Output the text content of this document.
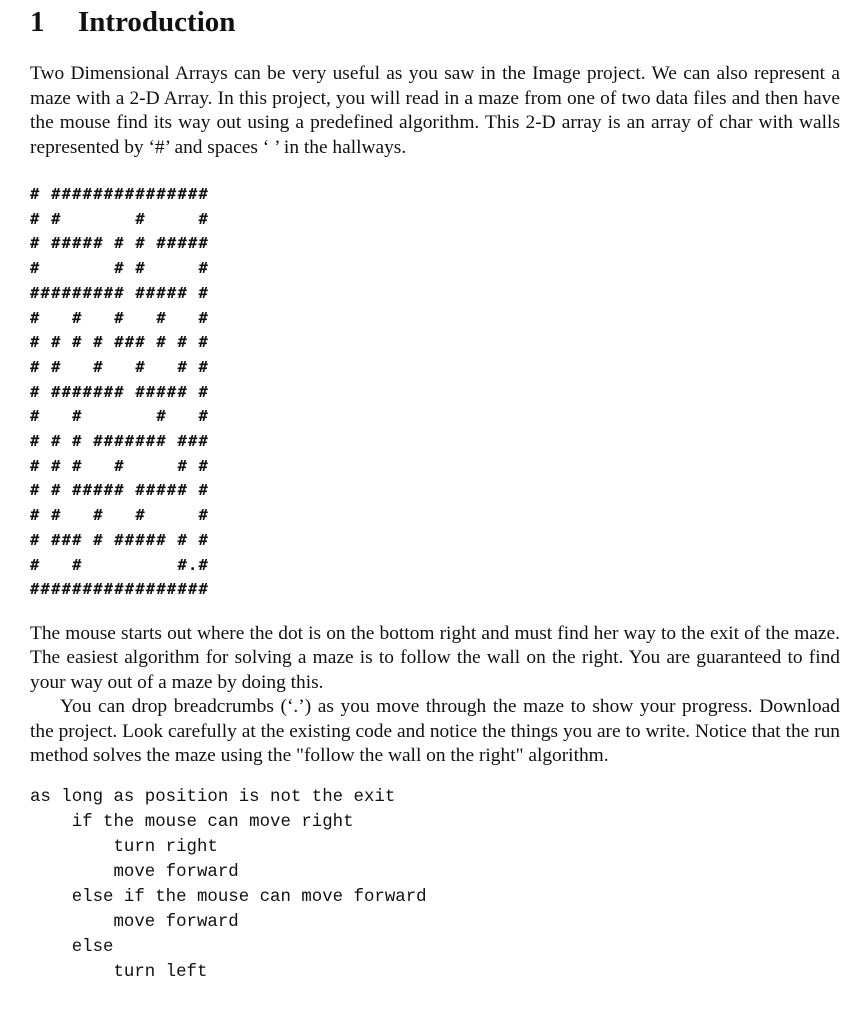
1 Introduction

Two Dimensional Arrays can be very useful as you saw in the Image project. We can also represent a maze with a 2-D Array. In this project, you will read in a maze from one of two data files and then have the mouse find its way out using a predefined algorithm. This 2-D array is an array of char with walls represented by ‘#’ and spaces ‘ ’ in the hallways.

# ###############
# #       #     #
# ##### # # #####
#       # #     #
######### ##### #
#   #   #   #   #
# # # # ### # # #
# #   #   #   # #
# ####### ##### #
#   #       #   #
# # # ####### ###
# # #   #     # #
# # ##### ##### #
# #   #   #     #
# ### # ##### # #
#   #         #.#
#################

The mouse starts out where the dot is on the bottom right and must find her way to the exit of the maze. The easiest algorithm for solving a maze is to follow the wall on the right. You are guaranteed to find your way out of a maze by doing this.

You can drop breadcrumbs (‘.’) as you move through the maze to show your progress. Download the project. Look carefully at the existing code and notice the things you are to write. Notice that the run method solves the maze using the "follow the wall on the right" algorithm.

as long as position is not the exit
if the mouse can move right
turn right
move forward
else if the mouse can move forward
move forward
else
turn left
